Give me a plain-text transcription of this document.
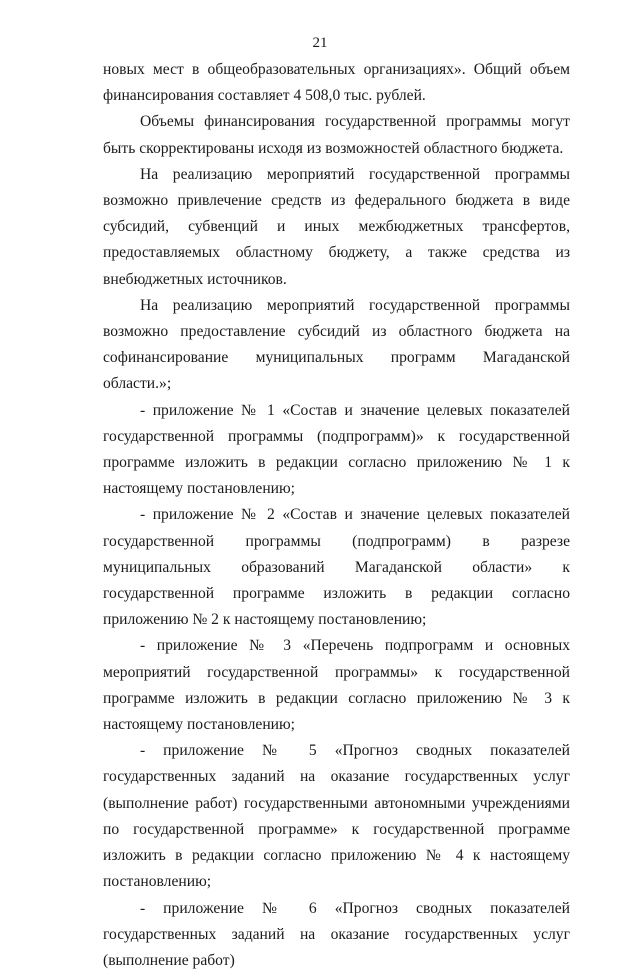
21

новых мест в общеобразовательных организациях». Общий объем финансирования составляет 4 508,0 тыс. рублей.

Объемы финансирования государственной программы могут быть скорректированы исходя из возможностей областного бюджета.

На реализацию мероприятий государственной программы возможно привлечение средств из федерального бюджета в виде субсидий, субвенций и иных межбюджетных трансфертов, предоставляемых областному бюджету, а также средства из внебюджетных источников.

На реализацию мероприятий государственной программы возможно предоставление субсидий из областного бюджета на софинансирование муниципальных программ Магаданской области.»;

- приложение № 1 «Состав и значение целевых показателей государственной программы (подпрограмм)» к государственной программе изложить в редакции согласно приложению № 1 к настоящему постановлению;

- приложение № 2 «Состав и значение целевых показателей государственной программы (подпрограмм) в разрезе муниципальных образований Магаданской области» к государственной программе изложить в редакции согласно приложению № 2 к настоящему постановлению;

- приложение № 3 «Перечень подпрограмм и основных мероприятий государственной программы» к государственной программе изложить в редакции согласно приложению № 3 к настоящему постановлению;

- приложение № 5 «Прогноз сводных показателей государственных заданий на оказание государственных услуг (выполнение работ) государственными автономными учреждениями по государственной программе» к государственной программе изложить в редакции согласно приложению № 4 к настоящему постановлению;

- приложение № 6 «Прогноз сводных показателей государственных заданий на оказание государственных услуг (выполнение работ)
